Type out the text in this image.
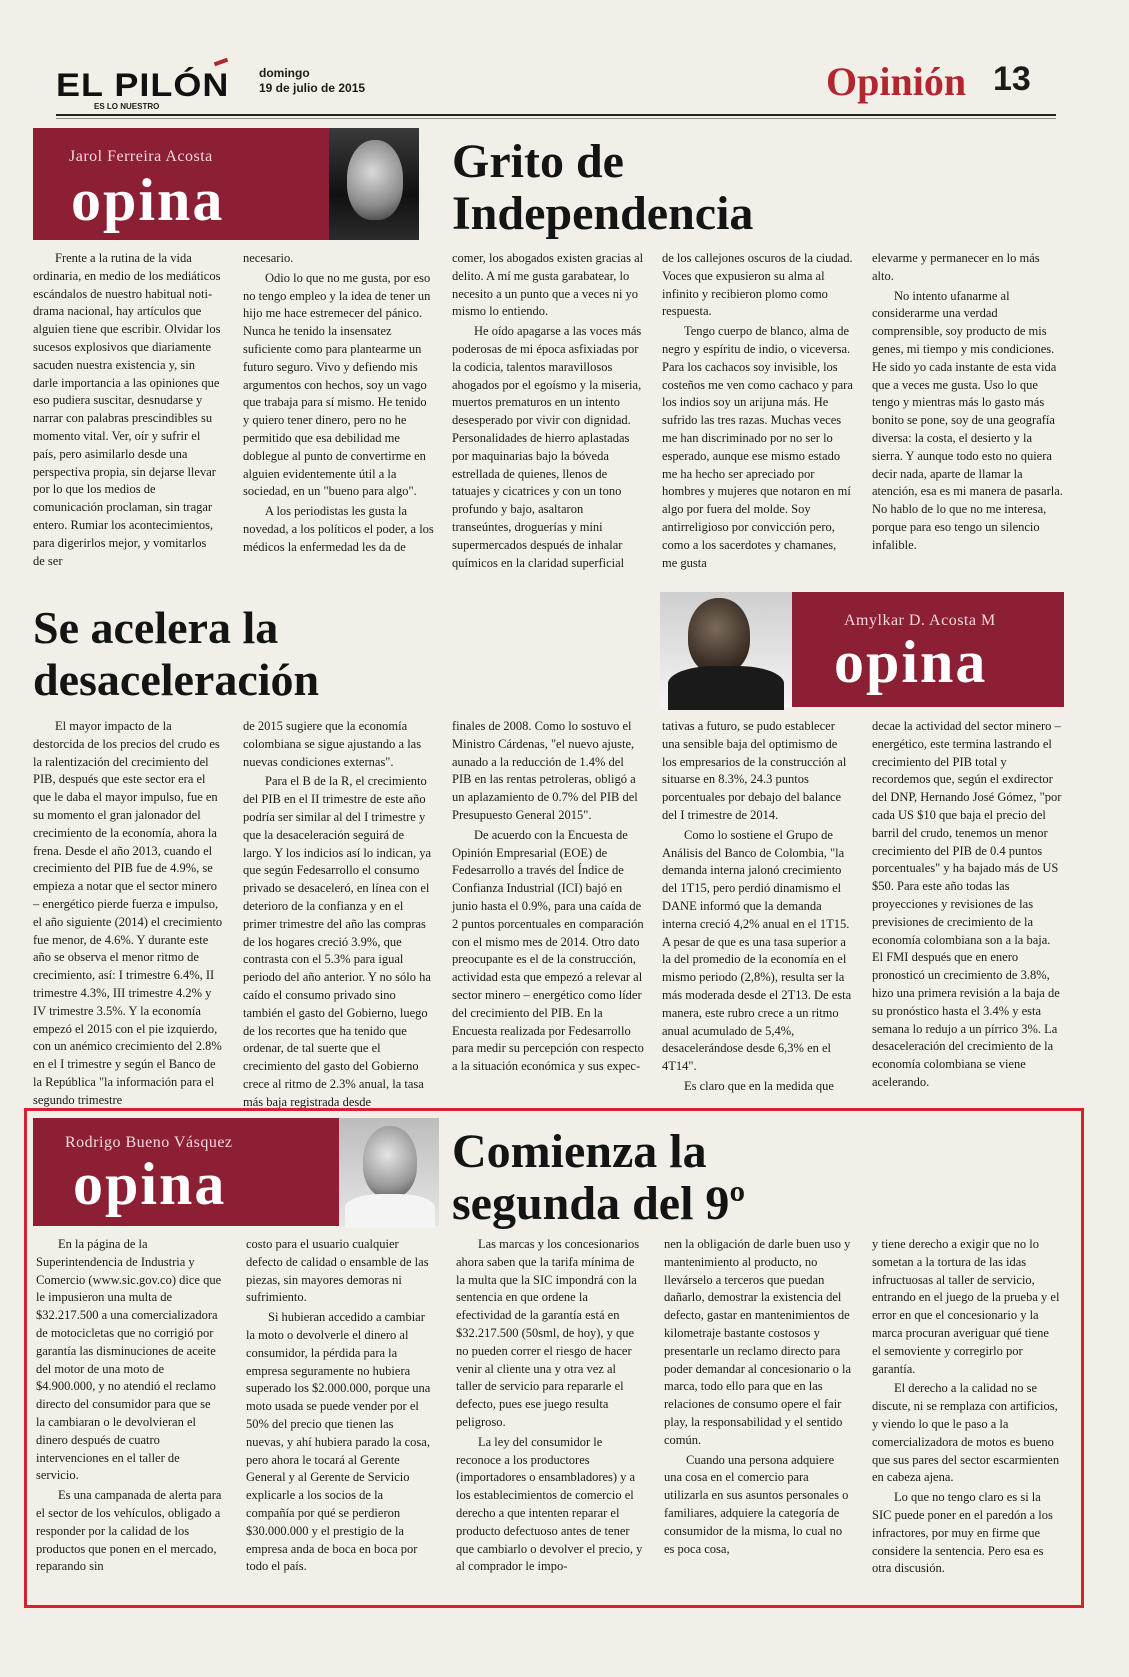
EL PILÓN
ES LO NUESTRO
domingo
19 de julio de 2015	Opinión 13
Jarol Ferreira Acosta
opina
Grito de
Independencia

Frente a la rutina de la vida ordinaria, en medio de los mediáticos escándalos de nuestro habitual noti- drama nacional, hay artículos que alguien tiene que escribir. Olvidar los sucesos explosivos que diariamente sacuden nuestra existencia y, sin darle importancia a las opiniones que eso pudiera suscitar, desnudarse y narrar con palabras prescindibles su momento vital. Ver, oír y sufrir el país, pero asimilarlo desde una perspectiva propia, sin dejarse llevar por lo que los medios de comunicación proclaman, sin tragar entero. Rumiar los acontecimientos, para digerirlos mejor, y vomitarlos de ser

necesario.

Odio lo que no me gusta, por eso no tengo empleo y la idea de tener un hijo me hace estremecer del pánico. Nunca he tenido la insensatez suficiente como para plantearme un futuro seguro. Vivo y defiendo mis argumentos con hechos, soy un vago que trabaja para sí mismo. He tenido y quiero tener dinero, pero no he permitido que esa debilidad me doblegue al punto de convertirme en alguien evidentemente útil a la sociedad, en un "bueno para algo".

A los periodistas les gusta la novedad, a los políticos el poder, a los médicos la enfermedad les da de

comer, los abogados existen gracias al delito. A mí me gusta garabatear, lo necesito a un punto que a veces ni yo mismo lo entiendo.

He oído apagarse a las voces más poderosas de mi época asfixiadas por la codicia, talentos maravillosos ahogados por el egoísmo y la miseria, muertos prematuros en un intento desesperado por vivir con dignidad. Personalidades de hierro aplastadas por maquinarias bajo la bóveda estrellada de quienes, llenos de tatuajes y cicatrices y con un tono profundo y bajo, asaltaron transeúntes, droguerías y mini supermercados después de inhalar químicos en la claridad superficial

de los callejones oscuros de la ciudad. Voces que expusieron su alma al infinito y recibieron plomo como respuesta.

Tengo cuerpo de blanco, alma de negro y espíritu de indio, o viceversa. Para los cachacos soy invisible, los costeños me ven como cachaco y para los indios soy un arijuna más. He sufrido las tres razas. Muchas veces me han discriminado por no ser lo esperado, aunque ese mismo estado me ha hecho ser apreciado por hombres y mujeres que notaron en mí algo por fuera del molde. Soy antirreligioso por convicción pero, como a los sacerdotes y chamanes, me gusta

elevarme y permanecer en lo más alto.

No intento ufanarme al considerarme una verdad comprensible, soy producto de mis genes, mi tiempo y mis condiciones. He sido yo cada instante de esta vida que a veces me gusta. Uso lo que tengo y mientras más lo gasto más bonito se pone, soy de una geografía diversa: la costa, el desierto y la sierra. Y aunque todo esto no quiera decir nada, aparte de llamar la atención, esa es mi manera de pasarla. No hablo de lo que no me interesa, porque para eso tengo un silencio infalible.

Se acelera la
desaceleración
Amylkar D. Acosta M
opina

El mayor impacto de la destorcida de los precios del crudo es la ralentización del crecimiento del PIB, después que este sector era el que le daba el mayor impulso, fue en su momento el gran jalonador del crecimiento de la economía, ahora la frena. Desde el año 2013, cuando el crecimiento del PIB fue de 4.9%, se empieza a notar que el sector minero – energético pierde fuerza e impulso, el año siguiente (2014) el crecimiento fue menor, de 4.6%. Y durante este año se observa el menor ritmo de crecimiento, así: I trimestre 6.4%, II trimestre 4.3%, III trimestre 4.2% y IV trimestre 3.5%. Y la economía empezó el 2015 con el pie izquierdo, con un anémico crecimiento del 2.8% en el I trimestre y según el Banco de la República "la información para el segundo trimestre

de 2015 sugiere que la economía colombiana se sigue ajustando a las nuevas condiciones externas".

Para el B de la R, el crecimiento del PIB en el II trimestre de este año podría ser similar al del I trimestre y que la desaceleración seguirá de largo. Y los indicios así lo indican, ya que según Fedesarrollo el consumo privado se desaceleró, en línea con el deterioro de la confianza y en el primer trimestre del año las compras de los hogares creció 3.9%, que contrasta con el 5.3% para igual periodo del año anterior. Y no sólo ha caído el consumo privado sino también el gasto del Gobierno, luego de los recortes que ha tenido que ordenar, de tal suerte que el crecimiento del gasto del Gobierno crece al ritmo de 2.3% anual, la tasa más baja registrada desde

finales de 2008. Como lo sostuvo el Ministro Cárdenas, "el nuevo ajuste, aunado a la reducción de 1.4% del PIB en las rentas petroleras, obligó a un aplazamiento de 0.7% del PIB del Presupuesto General 2015".

De acuerdo con la Encuesta de Opinión Empresarial (EOE) de Fedesarrollo a través del Índice de Confianza Industrial (ICI) bajó en junio hasta el 0.9%, para una caída de 2 puntos porcentuales en comparación con el mismo mes de 2014. Otro dato preocupante es el de la construcción, actividad esta que empezó a relevar al sector minero – energético como líder del crecimiento del PIB. En la Encuesta realizada por Fedesarrollo para medir su percepción con respecto a la situación económica y sus expec-

tativas a futuro, se pudo establecer una sensible baja del optimismo de los empresarios de la construcción al situarse en 8.3%, 24.3 puntos porcentuales por debajo del balance del I trimestre de 2014.

Como lo sostiene el Grupo de Análisis del Banco de Colombia, "la demanda interna jalonó crecimiento del 1T15, pero perdió dinamismo el DANE informó que la demanda interna creció 4,2% anual en el 1T15. A pesar de que es una tasa superior a la del promedio de la economía en el mismo periodo (2,8%), resulta ser la más moderada desde el 2T13. De esta manera, este rubro crece a un ritmo anual acumulado de 5,4%, desacelerándose desde 6,3% en el 4T14".

Es claro que en la medida que

decae la actividad del sector minero – energético, este termina lastrando el crecimiento del PIB total y recordemos que, según el exdirector del DNP, Hernando José Gómez, "por cada US $10 que baja el precio del barril del crudo, tenemos un menor crecimiento del PIB de 0.4 puntos porcentuales" y ha bajado más de US $50. Para este año todas las proyecciones y revisiones de las previsiones de crecimiento de la economía colombiana son a la baja. El FMI después que en enero pronosticó un crecimiento de 3.8%, hizo una primera revisión a la baja de su pronóstico hasta el 3.4% y esta semana lo redujo a un pírrico 3%. La desaceleración del crecimiento de la economía colombiana se viene acelerando.

Rodrigo Bueno Vásquez
opina	Comienza la
segunda del 9º

En la página de la Superintendencia de Industria y Comercio (www.sic.gov.co) dice que le impusieron una multa de $32.217.500 a una comercializadora de motocicletas que no corrigió por garantía las disminuciones de aceite del motor de una moto de $4.900.000, y no atendió el reclamo directo del consumidor para que se la cambiaran o le devolvieran el dinero después de cuatro intervenciones en el taller de servicio.

Es una campanada de alerta para el sector de los vehículos, obligado a responder por la calidad de los productos que ponen en el mercado, reparando sin

costo para el usuario cualquier defecto de calidad o ensamble de las piezas, sin mayores demoras ni sufrimiento.

Si hubieran accedido a cambiar la moto o devolverle el dinero al consumidor, la pérdida para la empresa seguramente no hubiera superado los $2.000.000, porque una moto usada se puede vender por el 50% del precio que tienen las nuevas, y ahí hubiera parado la cosa, pero ahora le tocará al Gerente General y al Gerente de Servicio explicarle a los socios de la compañía por qué se perdieron $30.000.000 y el prestigio de la empresa anda de boca en boca por todo el país.

Las marcas y los concesionarios ahora saben que la tarifa mínima de la multa que la SIC impondrá con la sentencia en que ordene la efectividad de la garantía está en $32.217.500 (50sml, de hoy), y que no pueden correr el riesgo de hacer venir al cliente una y otra vez al taller de servicio para repararle el defecto, pues ese juego resulta peligroso.

La ley del consumidor le reconoce a los productores (importadores o ensambladores) y a los establecimientos de comercio el derecho a que intenten reparar el producto defectuoso antes de tener que cambiarlo o devolver el precio, y al comprador le impo-

nen la obligación de darle buen uso y mantenimiento al producto, no llevárselo a terceros que puedan dañarlo, demostrar la existencia del defecto, gastar en mantenimientos de kilometraje bastante costosos y presentarle un reclamo directo para poder demandar al concesionario o la marca, todo ello para que en las relaciones de consumo opere el fair play, la responsabilidad y el sentido común.

Cuando una persona adquiere una cosa en el comercio para utilizarla en sus asuntos personales o familiares, adquiere la categoría de consumidor de la misma, lo cual no es poca cosa,

y tiene derecho a exigir que no lo sometan a la tortura de las idas infructuosas al taller de servicio, entrando en el juego de la prueba y el error en que el concesionario y la marca procuran averiguar qué tiene el semoviente y corregirlo por garantía.

El derecho a la calidad no se discute, ni se remplaza con artificios, y viendo lo que le paso a la comercializadora de motos es bueno que sus pares del sector escarmienten en cabeza ajena.

Lo que no tengo claro es si la SIC puede poner en el paredón a los infractores, por muy en firme que considere la sentencia. Pero esa es otra discusión.
